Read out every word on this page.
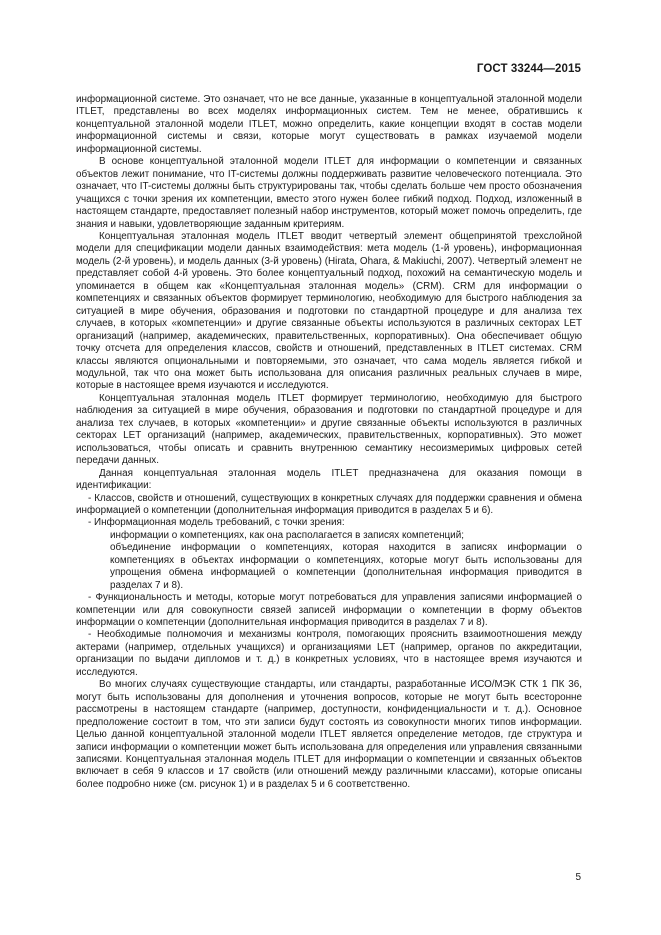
ГОСТ 33244—2015

информационной системе. Это означает, что не все данные, указанные в концептуальной эталонной модели ITLET, представлены во всех моделях информационных систем. Тем не менее, обратившись к концептуальной эталонной модели ITLET, можно определить, какие концепции входят в состав модели информационной системы и связи, которые могут существовать в рамках изучаемой модели информационной системы.

В основе концептуальной эталонной модели ITLET для информации о компетенции и связанных объектов лежит понимание, что IT-системы должны поддерживать развитие человеческого потенциала. Это означает, что IT-системы должны быть структурированы так, чтобы сделать больше чем просто обозначения учащихся с точки зрения их компетенции, вместо этого нужен более гибкий подход. Подход, изложенный в настоящем стандарте, предоставляет полезный набор инструментов, который может помочь определить, где знания и навыки, удовлетворяющие заданным критериям.

Концептуальная эталонная модель ITLET вводит четвертый элемент общепринятой трехслойной модели для спецификации модели данных взаимодействия: мета модель (1-й уровень), информационная модель (2-й уровень), и модель данных (3-й уровень) (Hirata, Ohara, & Makiuchi, 2007). Четвертый элемент не представляет собой 4-й уровень. Это более концептуальный подход, похожий на семантическую модель и упоминается в общем как «Концептуальная эталонная модель» (CRM). CRM для информации о компетенциях и связанных объектов формирует терминологию, необходимую для быстрого наблюдения за ситуацией в мире обучения, образования и подготовки по стандартной процедуре и для анализа тех случаев, в которых «компетенции» и другие связанные объекты используются в различных секторах LET организаций (например, академических, правительственных, корпоративных). Она обеспечивает общую точку отсчета для определения классов, свойств и отношений, представленных в ITLET системах. CRM классы являются опциональными и повторяемыми, это означает, что сама модель является гибкой и модульной, так что она может быть использована для описания различных реальных случаев в мире, которые в настоящее время изучаются и исследуются.

Концептуальная эталонная модель ITLET формирует терминологию, необходимую для быстрого наблюдения за ситуацией в мире обучения, образования и подготовки по стандартной процедуре и для анализа тех случаев, в которых «компетенции» и другие связанные объекты используются в различных секторах LET организаций (например, академических, правительственных, корпоративных). Это может использоваться, чтобы описать и сравнить внутреннюю семантику несоизмеримых цифровых сетей передачи данных.

Данная концептуальная эталонная модель ITLET предназначена для оказания помощи в идентификации:

- Классов, свойств и отношений, существующих в конкретных случаях для поддержки сравнения и обмена информацией о компетенции (дополнительная информация приводится в разделах 5 и 6).

- Информационная модель требований, с точки зрения:

информации о компетенциях, как она располагается в записях компетенций;

объединение информации о компетенциях, которая находится в записях информации о компетенциях в объектах информации о компетенциях, которые могут быть использованы для упрощения обмена информацией о компетенции (дополнительная информация приводится в разделах 7 и 8).

- Функциональность и методы, которые могут потребоваться для управления записями информацией о компетенции или для совокупности связей записей информации о компетенции в форму объектов информации о компетенции (дополнительная информация приводится в разделах 7 и 8).

- Необходимые полномочия и механизмы контроля, помогающих прояснить взаимоотношения между актерами (например, отдельных учащихся) и организациями LET (например, органов по аккредитации, организации по выдачи дипломов и т. д.) в конкретных условиях, что в настоящее время изучаются и исследуются.

Во многих случаях существующие стандарты, или стандарты, разработанные ИСО/МЭК СТК 1 ПК 36, могут быть использованы для дополнения и уточнения вопросов, которые не могут быть всесторонне рассмотрены в настоящем стандарте (например, доступности, конфиденциальности и т. д.). Основное предположение состоит в том, что эти записи будут состоять из совокупности многих типов информации. Целью данной концептуальной эталонной модели ITLET является определение методов, где структура и записи информации о компетенции может быть использована для определения или управления связанными записями. Концептуальная эталонная модель ITLET для информации о компетенции и связанных объектов включает в себя 9 классов и 17 свойств (или отношений между различными классами), которые описаны более подробно ниже (см. рисунок 1) и в разделах 5 и 6 соответственно.

5
